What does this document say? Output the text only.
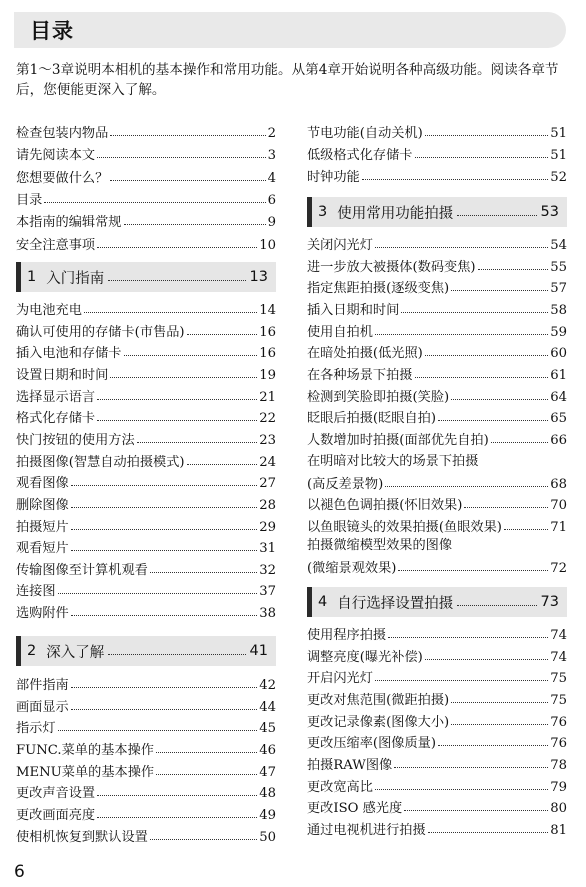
目录
第1～3章说明本相机的基本操作和常用功能。从第4章开始说明各种高级功能。阅读各章节后，您便能更深入了解。
检查包装内物品	2
请先阅读本文	3
您想要做什么？	4
目录	6
本指南的编辑常规	9
安全注意事项	10
1 入门指南	13
为电池充电	14
确认可使用的存储卡(市售品)	16
插入电池和存储卡	16
设置日期和时间	19
选择显示语言	21
格式化存储卡	22
快门按钮的使用方法	23
拍摄图像(智慧自动拍摄模式)	24
观看图像	27
删除图像	28
拍摄短片	29
观看短片	31
传输图像至计算机观看	32
连接图	37
选购附件	38
2 深入了解	41
部件指南	42
画面显示	44
指示灯	45
FUNC.菜单的基本操作	46
MENU菜单的基本操作	47
更改声音设置	48
更改画面亮度	49
使相机恢复到默认设置	50
节电功能(自动关机)	51
低级格式化存储卡	51
时钟功能	52
3 使用常用功能拍摄	53
关闭闪光灯	54
进一步放大被摄体(数码变焦)	55
指定焦距拍摄(逐级变焦)	57
插入日期和时间	58
使用自拍机	59
在暗处拍摄(低光照)	60
在各种场景下拍摄	61
检测到笑脸即拍摄(笑脸)	64
眨眼后拍摄(眨眼自拍)	65
人数增加时拍摄(面部优先自拍)	66
在明暗对比较大的场景下拍摄
(高反差景物)	68
以褪色色调拍摄(怀旧效果)	70
以鱼眼镜头的效果拍摄(鱼眼效果)	71
拍摄微缩模型效果的图像
(微缩景观效果)	72
4 自行选择设置拍摄	73
使用程序拍摄	74
调整亮度(曝光补偿)	74
开启闪光灯	75
更改对焦范围(微距拍摄)	75
更改记录像素(图像大小)	76
更改压缩率(图像质量)	76
拍摄RAW图像	78
更改宽高比	79
更改ISO 感光度	80
通过电视机进行拍摄	81
6
